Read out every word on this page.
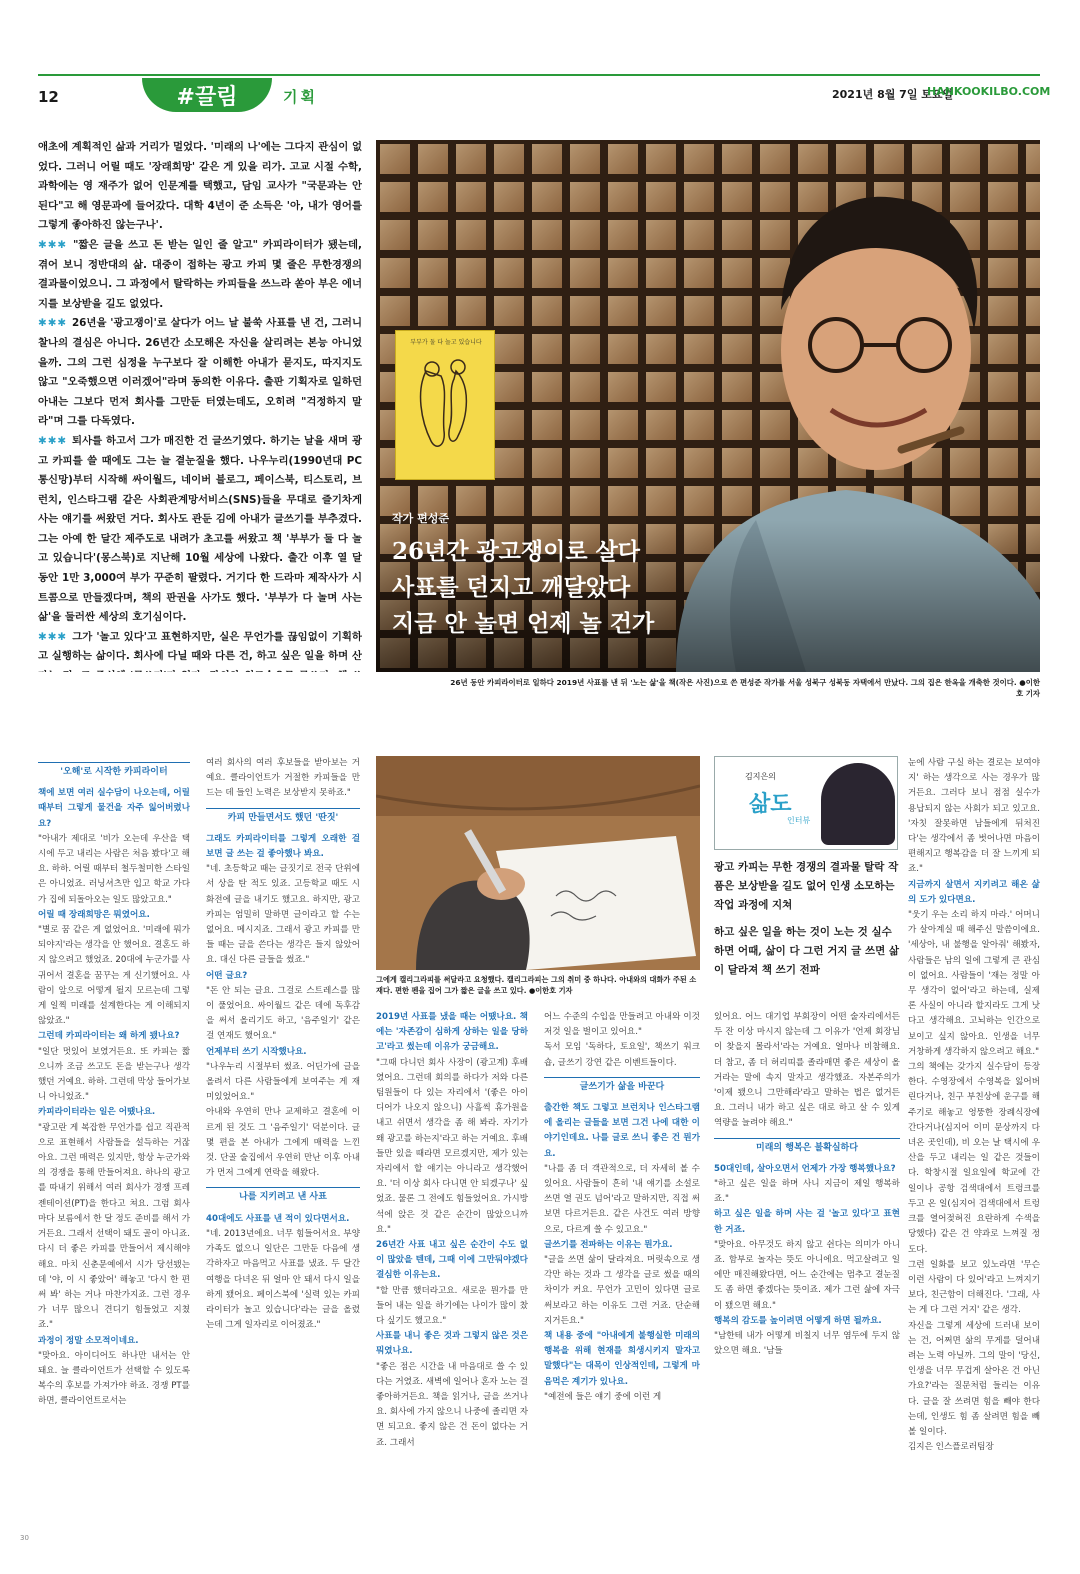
12	#끌림	기획	2021년 8월 7일 토요일
HANKOOKILBO.COM

애초에 계획적인 삶과 거리가 멀었다. '미래의 나'에는 그다지 관심이 없었다. 그러니 어릴 때도 '장래희망' 같은 게 있을 리가. 고교 시절 수학, 과학에는 영 재주가 없어 인문계를 택했고, 담임 교사가 "국문과는 안 된다"고 해 영문과에 들어갔다. 대학 4년이 준 소득은 '아, 내가 영어를 그렇게 좋아하진 않는구나'.

✱✱✱ "짧은 글을 쓰고 돈 받는 일인 줄 알고" 카피라이터가 됐는데, 겪어 보니 정반대의 삶. 대중이 접하는 광고 카피 몇 줄은 무한경쟁의 결과물이었으니. 그 과정에서 탈락하는 카피들을 쓰느라 쏟아 부은 에너지를 보상받을 길도 없었다.

✱✱✱ 26년을 '광고쟁이'로 살다가 어느 날 불쑥 사표를 낸 건, 그러니 찰나의 결심은 아니다. 26년간 소모해온 자신을 살리려는 본능 아니었을까. 그의 그런 심정을 누구보다 잘 이해한 아내가 묻지도, 따지지도 않고 "오죽했으면 이러겠어"라며 동의한 이유다. 출판 기획자로 일하던 아내는 그보다 먼저 회사를 그만둔 터였는데도, 오히려 "걱정하지 말라"며 그를 다독였다.

✱✱✱ 퇴사를 하고서 그가 매진한 건 글쓰기였다. 하기는 날을 새며 광고 카피를 쓸 때에도 그는 늘 곁눈질을 했다. 나우누리(1990년대 PC통신망)부터 시작해 싸이월드, 네이버 블로그, 페이스북, 티스토리, 브런치, 인스타그램 같은 사회관계망서비스(SNS)들을 무대로 즐기차게 사는 얘기를 써왔던 거다. 회사도 관둔 김에 아내가 글쓰기를 부추겼다. 그는 아예 한 달간 제주도로 내려가 초고를 써왔고 책 '부부가 둘 다 놀고 있습니다'(몽스북)로 지난해 10월 세상에 나왔다. 출간 이후 열 달 동안 1만 3,000여 부가 꾸준히 팔렸다. 거기다 한 드라마 제작사가 시트콤으로 만들겠다며, 책의 판권을 사가도 했다. '부부가 다 놀며 사는 삶'을 둘러싼 세상의 호기심이다.

✱✱✱ 그가 '놀고 있다'고 표현하지만, 실은 무언가를 끊임없이 기획하고 실행하는 삶이다. 회사에 다닐 때와 다른 건, 하고 싶은 일을 하며 산

부부가 둘 다 놀고 있습니다
작가 편성준
26년간 광고쟁이로 살다
사표를 던지고 깨달았다
지금 안 놀면 언제 놀 건가
26년 동안 카피라이터로 일하다 2019년 사표를 낸 뒤 '노는 삶'을 책(작은 사진)으로 쓴 편성준 작가를 서울 성북구 성북동 자택에서 만났다. 그의 집은 한옥을 개축한 것이다. ●이한호 기자
'오해'로 시작한 카피라이터
책에 보면 여러 실수담이 나오는데, 어릴 때부터 그렇게 물건을 자주 잃어버렸나요?

"아내가 제대로 '비가 오는데 우산을 택시에 두고 내리는 사람은 처음 봤다'고 해요. 하하. 어릴 때부터 철두철미한 스타일은 아니었죠. 러닝셔츠만 입고 학교 가다가 집에 되돌아오는 일도 많았고요."

어릴 때 장래희망은 뭐였어요.

"별로 꿈 같은 게 없었어요. '미래에 뭐가 되야지'라는 생각을 안 했어요. 결혼도 하지 않으려고 했었죠. 20대에 누군가를 사귀어서 결혼을 꿈꾸는 게 신기했어요. 사람이 앞으로 어떻게 될지 모르는데 그렇게 일찍 미래를 설계한다는 게 이해되지 않았죠."

그런데 카피라이터는 왜 하게 됐나요?

"일단 멋있어 보였거든요. 또 카피는 짧으니까 조금 쓰고도 돈을 받는구나 생각했던 거예요. 하하. 그런데 막상 들어가보니 아니었죠."

카피라이터라는 일은 어땠나요.

"광고란 게 복잡한 무언가를 쉽고 직관적으로 표현해서 사람들을 설득하는 거잖아요. 그런 매력은 있지만, 항상 누군가와의 경쟁을 통해 만들어져요. 하나의 광고를 따내기 위해서 여러 회사가 경쟁 프레젠테이션(PT)을 한다고 쳐요. 그럼 회사마다 보름에서 한 달 정도 준비를 해서 가거든요. 그래서 선택이 돼도 골이 아니죠. 다시 더 좋은 카피를 만들어서 제시해야 해요. 마치 신춘문예에서 시가 당선됐는데 '야, 이 시 좋았어' 해놓고 '다시 한 편 써 봐' 하는 거나 마찬가지죠. 그런 경우가 너무 많으니 견디기 힘들었고 지쳤죠."

과정이 정말 소모적이네요.

"맞아요. 아이디어도 하나만 내서는 안 돼요. 늘 클라이언트가 선택할 수 있도록 복수의 후보를 가져가야 하죠. 경쟁 PT를 하면, 클라이언트로서는

여러 회사의 여러 후보들을 받아보는 거예요. 클라이언트가 거절한 카피들을 만드는 데 들인 노력은 보상받지 못하죠."

카피 만들면서도 했던 '딴짓'
그래도 카피라이터를 그렇게 오래한 걸 보면 글 쓰는 걸 좋아했나 봐요.

"네. 초등학교 때는 글짓기로 전국 단위에서 상을 탄 적도 있죠. 고등학교 때도 시화전에 글을 내기도 했고요. 하지만, 광고 카피는 엄밀히 말하면 글이라고 할 수는 없어요. 메시지죠. 그래서 광고 카피를 만들 때는 글을 쓴다는 생각은 들지 않았어요. 대신 다른 글들을 썼죠."

어떤 글요?

"돈 안 되는 글요. 그걸로 스트레스를 많이 풀었어요. 싸이월드 같은 데에 독후감을 써서 올리기도 하고, '음주일기' 같은 걸 연재도 했어요."

언제부터 쓰기 시작했나요.

"나우누리 시절부터 썼죠. 어딘가에 글을 올려서 다른 사람들에게 보여주는 게 재미있었어요."

아내와 우연히 만나 교제하고 결혼에 이르게 된 것도 그 '음주일기' 덕분이다. 글 몇 편을 본 아내가 그에게 매력을 느낀 것. 단골 술집에서 우연히 만난 이후 아내가 먼저 그에게 연락을 해왔다.

나를 지키려고 낸 사표
40대에도 사표를 낸 적이 있다면서요.

"네. 2013년에요. 너무 힘들어서요. 부양 가족도 없으니 일단은 그만둔 다음에 생각하자고 마음먹고 사표를 냈죠. 두 달간 여행을 다녀온 뒤 얼마 안 돼서 다시 일을 하게 됐어요. 페이스북에 '실력 있는 카피라이터가 놀고 있습니다'라는 글을 올렸는데 그게 일자리로 이어졌죠."

그에게 캘리그라피를 써달라고 요청했다. 캘리그라피는 그의 취미 중 하나다. 아내와의 대화가 주된 소재다. 편한 펜을 집어 그가 짧은 글을 쓰고 있다. ●이한호 기자
2019년 사표를 냈을 때는 어땠나요. 책에는 '자존감이 심하게 상하는 일을 당하고'라고 썼는데 이유가 궁금해요.

"그때 다니던 회사 사장이 (광고계) 후배였어요. 그런데 회의를 하다가 저와 다른 팀원들이 다 있는 자리에서 '(좋은 아이디어가 나오지 않으니) 사흘씩 휴가원을 내고 쉬면서 생각을 좀 해 봐라. 자기가 왜 광고를 하는지'라고 하는 거예요. 후배들만 있을 때라면 모르겠지만, 제가 있는 자리에서 할 얘기는 아니라고 생각했어요. '더 이상 회사 다니면 안 되겠구나' 싶었죠. 물론 그 전에도 힘들었어요. 가시방석에 앉은 것 같은 순간이 많았으니까요."

26년간 사표 내고 싶은 순간이 수도 없이 많았을 텐데, 그때 이에 그만둬야겠다 결심한 이유는요.

"할 만큼 했더라고요. 새로운 뭔가를 만들어 내는 일을 하기에는 나이가 많이 찼다 싶기도 했고요."

사표를 내니 좋은 것과 그렇지 않은 것은 뭐였나요.

"좋은 점은 시간을 내 마음대로 쓸 수 있다는 거였죠. 새벽에 일어나 혼자 노는 걸 좋아하거든요. 책을 읽거나, 글을 쓰거나요. 회사에 가지 않으니 나중에 졸리면 자면 되고요. 좋지 않은 건 돈이 없다는 거죠. 그래서

어느 수준의 수입을 만들려고 아내와 이것저것 일을 벌이고 있어요."

독서 모임 '독하다, 토요일', 책쓰기 워크숍, 글쓰기 강연 같은 이벤트들이다.

글쓰기가 삶을 바꾼다
출간한 책도 그렇고 브런치나 인스타그램에 올리는 글들을 보면 그건 나에 대한 이야기인데요. 나를 글로 쓰니 좋은 건 뭔가요.

"나를 좀 더 객관적으로, 더 자세히 볼 수 있어요. 사람들이 흔히 '내 얘기를 소설로 쓰면 열 권도 넘어'라고 말하지만, 직접 써 보면 다르거든요. 같은 사건도 여러 방향으로, 다르게 쓸 수 있고요."

글쓰기를 전파하는 이유는 뭔가요.

"글을 쓰면 삶이 달라져요. 머릿속으로 생각만 하는 것과 그 생각을 글로 썼을 때의 차이가 커요. 무언가 고민이 있다면 글로 써보라고 하는 이유도 그런 거죠. 단순해지거든요."

책 내용 중에 "아내에게 불행실한 미래의 행복을 위해 현재를 희생시키지 말자고 말했다"는 대목이 인상적인데, 그렇게 마음먹은 계기가 있나요.

"예전에 들은 얘기 중에 이런 게

김지은의
삶도
인터뷰

광고 카피는 무한 경쟁의 결과물 탈락 작품은 보상받을 길도 없어 인생 소모하는 작업 과정에 지쳐

하고 싶은 일을 하는 것이 노는 것 실수하면 어때, 삶이 다 그런 거지 글 쓰면 삶이 달라져 책 쓰기 전파

있어요. 어느 대기업 부회장이 어떤 술자리에서든 두 잔 이상 마시지 않는데 그 이유가 '언제 회장님이 찾을지 몰라서'라는 거예요. 얼마나 비참해요. 더 참고, 좀 더 허리띠를 졸라매면 좋은 세상이 올 거라는 말에 속지 말자고 생각했죠. 자본주의가 '이제 됐으니 그만해라'라고 말하는 법은 없거든요. 그러니 내가 하고 싶은 대로 하고 살 수 있게 역량을 늘려야 해요."

미래의 행복은 불확실하다
50대인데, 살아오면서 언제가 가장 행복했나요?

"하고 싶은 일을 하며 사니 지금이 제일 행복하죠."

하고 싶은 일을 하며 사는 걸 '놀고 있다'고 표현한 거죠.

"맞아요. 아무것도 하지 않고 쉰다는 의미가 아니죠. 함부로 놀자는 뜻도 아니에요. 먹고살려고 일에만 매진해왔다면, 어느 순간에는 멈추고 결눈질도 좀 하면 좋겠다는 뜻이죠. 제가 그런 삶에 자극이 됐으면 해요."

행복의 감도를 높이려면 어떻게 하면 될까요.

"남한테 내가 어떻게 비칠지 너무 염두에 두지 않았으면 해요. '남들

눈에 사람 구실 하는 결로는 보여야지' 하는 생각으로 사는 경우가 많거든요. 그러다 보니 점점 실수가 용납되지 않는 사회가 되고 있고요. '자칫 잘못하면 남들에게 뒤처진다'는 생각에서 좀 벗어나면 마음이 편해지고 행복감을 더 잘 느끼게 되죠."

지금까지 살면서 지키려고 해온 삶의 도가 있다면요.

"웃기 우는 소리 하지 마라.' 어머니가 살아계실 때 해주신 말씀이에요. '세상아, 내 불행을 알아줘' 해봤자, 사람들은 남의 일에 그렇게 큰 관심이 없어요. 사람들이 '재는 정말 아무 생각이 없어'라고 하는데, 실제론 사실이 아니라 할지라도 그게 낫다고 생각해요. 고뇌하는 인간으로 보이고 싶지 않아요. 인생을 너무 거창하게 생각하지 않으려고 해요."

그의 책에는 갖가지 실수담이 등장한다. 수영장에서 수영복을 잃어버린다거나, 친구 부친상에 운구를 해주기로 해놓고 엉뚱한 장례식장에 간다거나(심지어 이미 문상까지 다녀온 곳인데), 비 오는 날 택시에 우산을 두고 내리는 일 같은 것들이다. 학창시절 일요일에 학교에 간 일이나 공항 검색대에서 트렁크를 두고 온 일(심지어 검색대에서 트렁크를 열어젖혀진 요란하게 수색을 당했다) 같은 건 약과로 느껴질 정도다.

그런 일화를 보고 있노라면 '무슨 이런 사람이 다 있어'라고 느껴지기보다, 친근함이 더해진다. '그래, 사는 게 다 그런 거지' 같은 생각.

자신을 그렇게 세상에 드러내 보이는 건, 어쩌면 삶의 무게를 덜어내려는 노력 아닐까. 그의 말이 '당신, 인생을 너무 무겁게 살아온 건 아닌가요?'라는 질문처럼 들리는 이유다. 글을 잘 쓰려면 힘을 빼야 한다는데, 인생도 힘 좀 살려면 힘을 빼볼 일이다.

김지은 인스플로러팀장

30
